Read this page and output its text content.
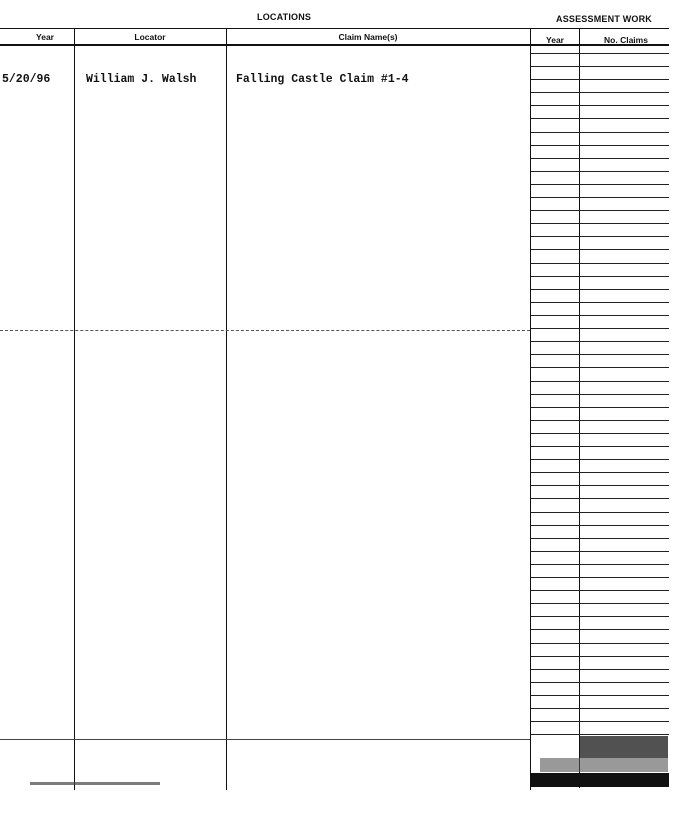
LOCATIONS	ASSESSMENT WORK
Year	Locator	Claim Name(s)	Year	No. Claims
5/20/96	William J. Walsh	Falling Castle Claim #1-4
